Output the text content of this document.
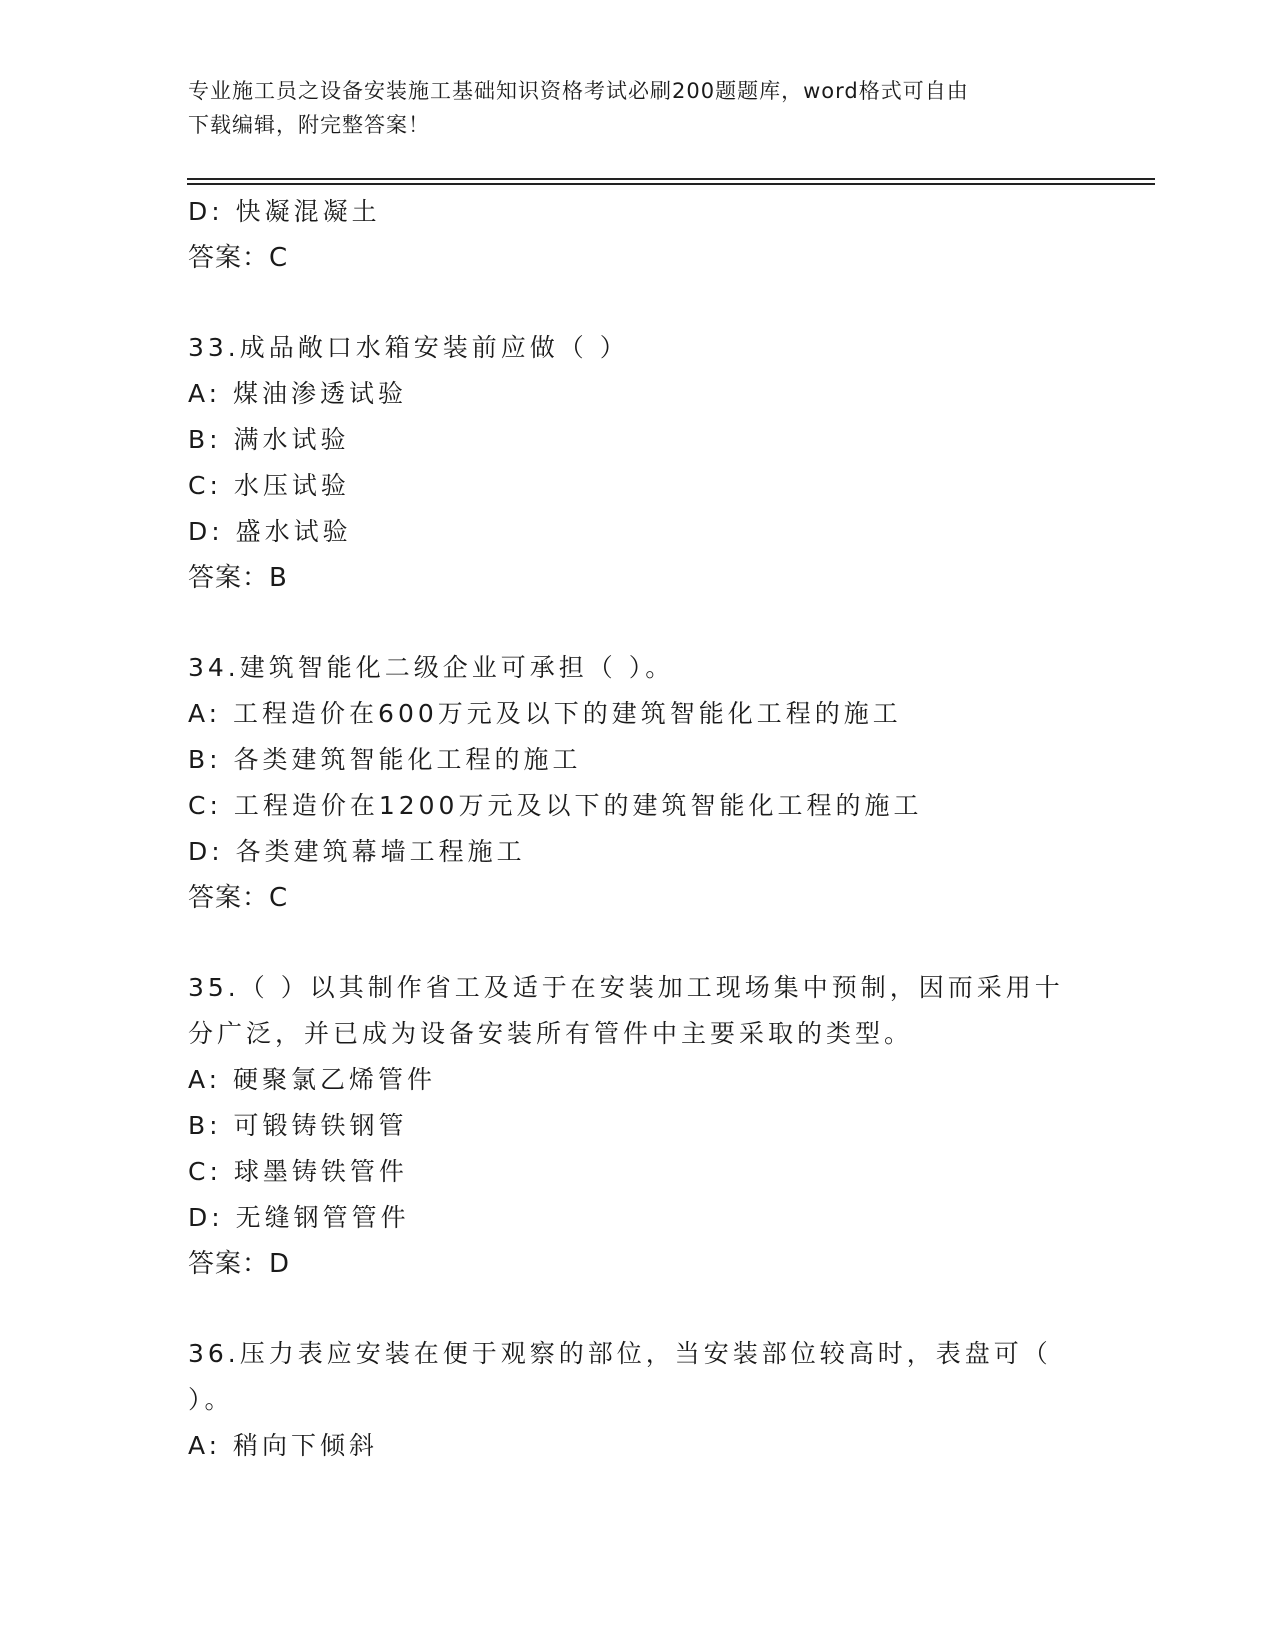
专业施工员之设备安装施工基础知识资格考试必刷200题题库，word格式可自由
下载编辑，附完整答案！
D: 快凝混凝土
答案：C
33.成品敞口水箱安装前应做（ ）
A: 煤油渗透试验
B: 满水试验
C: 水压试验
D: 盛水试验
答案：B
34.建筑智能化二级企业可承担（ ）。
A: 工程造价在600万元及以下的建筑智能化工程的施工
B: 各类建筑智能化工程的施工
C: 工程造价在1200万元及以下的建筑智能化工程的施工
D: 各类建筑幕墙工程施工
答案：C
35.（ ）以其制作省工及适于在安装加工现场集中预制，因而采用十
分广泛，并已成为设备安装所有管件中主要采取的类型。
A: 硬聚氯乙烯管件
B: 可锻铸铁钢管
C: 球墨铸铁管件
D: 无缝钢管管件
答案：D
36.压力表应安装在便于观察的部位，当安装部位较高时，表盘可（
）。
A: 稍向下倾斜
